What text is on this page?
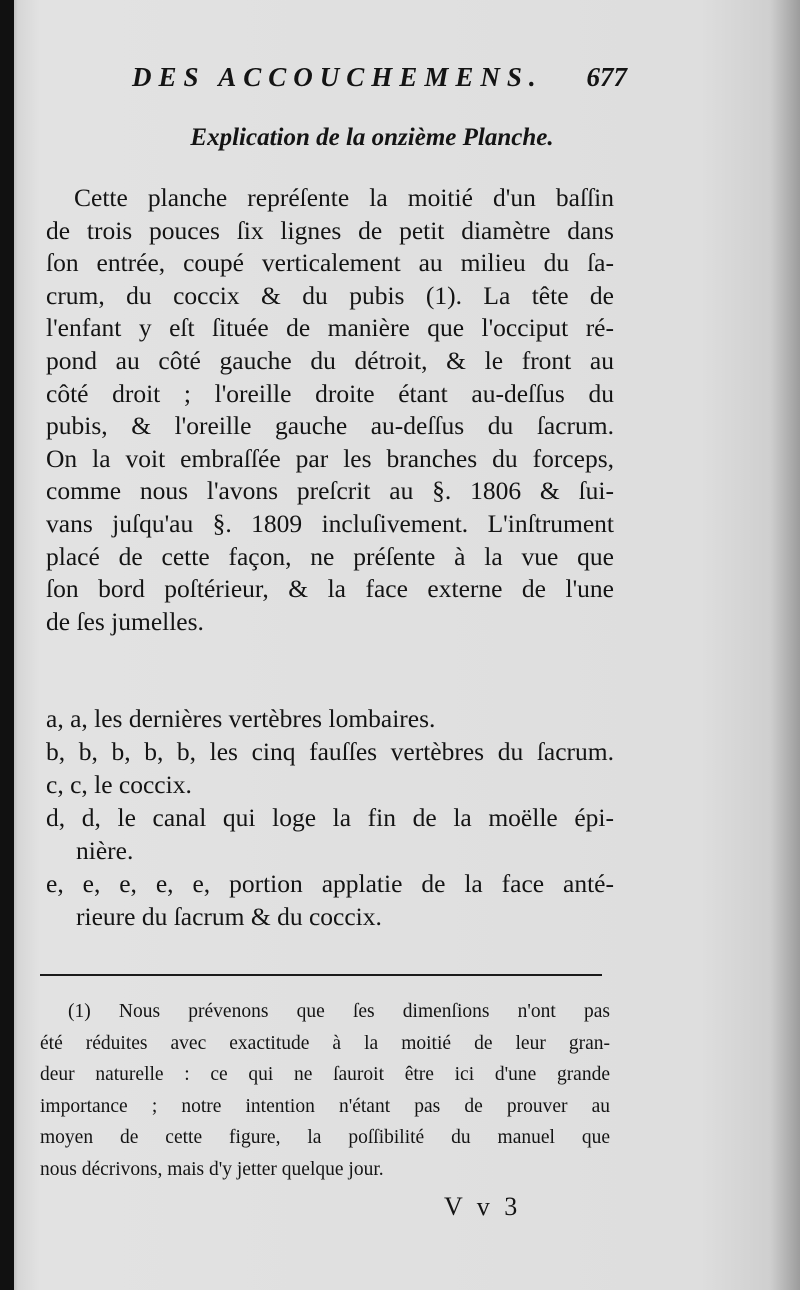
DES ACCOUCHEMENS. 677
Explication de la onzième Planche.
Cette planche repréſente la moitié d'un baſſin
de trois pouces ſix lignes de petit diamètre dans
ſon entrée, coupé verticalement au milieu du ſa-
crum, du coccix & du pubis (1). La tête de
l'enfant y eſt ſituée de manière que l'occiput ré-
pond au côté gauche du détroit, & le front au
côté droit ; l'oreille droite étant au-deſſus du
pubis, & l'oreille gauche au-deſſus du ſacrum.
On la voit embraſſée par les branches du forceps,
comme nous l'avons preſcrit au §. 1806 & ſui-
vans juſqu'au §. 1809 incluſivement. L'inſtrument
placé de cette façon, ne préſente à la vue que
ſon bord poſtérieur, & la face externe de l'une
de ſes jumelles.
a, a, les dernières vertèbres lombaires.
b, b, b, b, b, les cinq fauſſes vertèbres du ſacrum.
c, c, le coccix.
d, d, le canal qui loge la fin de la moëlle épi-
nière.
e, e, e, e, e, portion applatie de la face anté-
rieure du ſacrum & du coccix.
(1) Nous prévenons que ſes dimenſions n'ont pas
été réduites avec exactitude à la moitié de leur gran-
deur naturelle : ce qui ne ſauroit être ici d'une grande
importance ; notre intention n'étant pas de prouver au
moyen de cette figure, la poſſibilité du manuel que
nous décrivons, mais d'y jetter quelque jour.
V v 3
